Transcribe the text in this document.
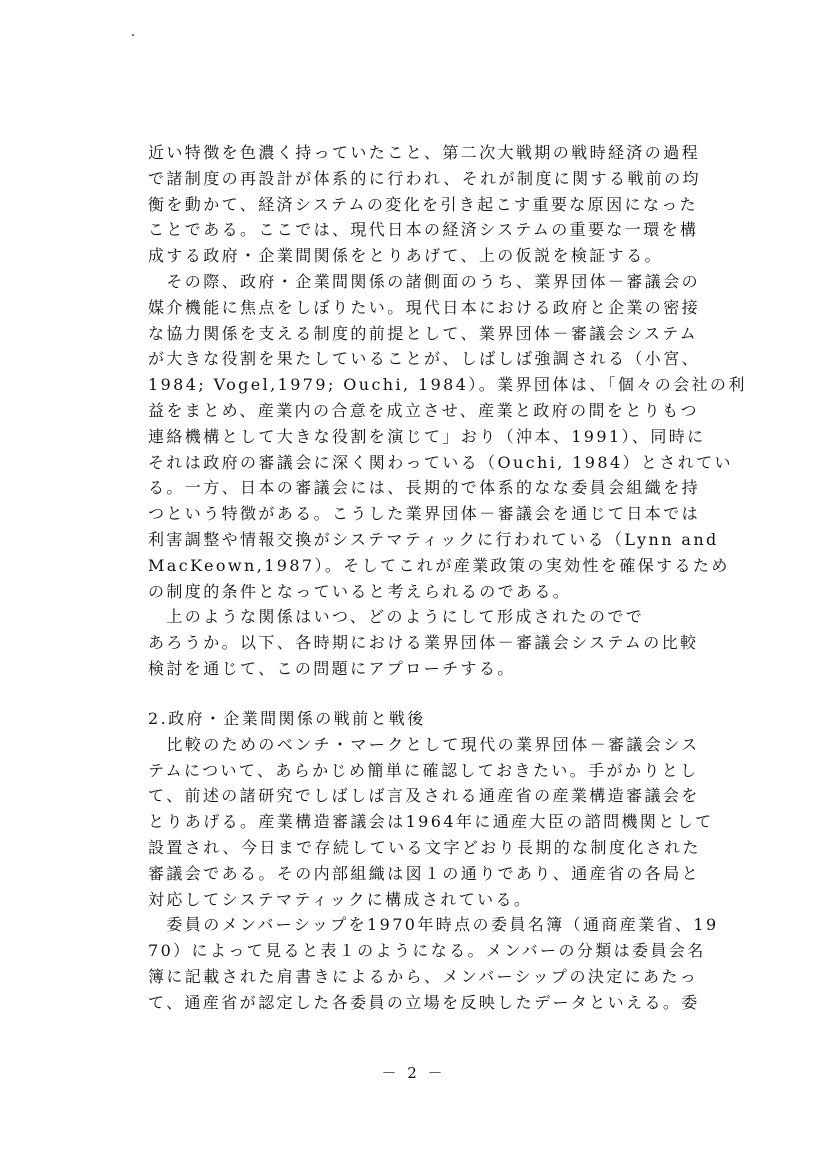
近い特徴を色濃く持っていたこと、第二次大戦期の戦時経済の過程
で諸制度の再設計が体系的に行われ、それが制度に関する戦前の均
衡を動かて、経済システムの変化を引き起こす重要な原因になった
ことである。ここでは、現代日本の経済システムの重要な一環を構
成する政府・企業間関係をとりあげて、上の仮説を検証する。
　その際、政府・企業間関係の諸側面のうち、業界団体－審議会の
媒介機能に焦点をしぼりたい。現代日本における政府と企業の密接
な協力関係を支える制度的前提として、業界団体－審議会システム
が大きな役割を果たしていることが、しばしば強調される（小宮、
1984; Vogel,1979; Ouchi, 1984）。業界団体は、「個々の会社の利
益をまとめ、産業内の合意を成立させ、産業と政府の間をとりもつ
連絡機構として大きな役割を演じて」おり（沖本、1991）、同時に
それは政府の審議会に深く関わっている（Ouchi, 1984）とされてい
る。一方、日本の審議会には、長期的で体系的なな委員会組織を持
つという特徴がある。こうした業界団体－審議会を通じて日本では
利害調整や情報交換がシステマティックに行われている（Lynn and
MacKeown,1987）。そしてこれが産業政策の実効性を確保するため
の制度的条件となっていると考えられるのである。
　上のような関係はいつ、どのようにして形成されたのでで
あろうか。以下、各時期における業界団体－審議会システムの比較
検討を通じて、この問題にアプローチする。
2.政府・企業間関係の戦前と戦後
　比較のためのベンチ・マークとして現代の業界団体－審議会シス
テムについて、あらかじめ簡単に確認しておきたい。手がかりとし
て、前述の諸研究でしばしば言及される通産省の産業構造審議会を
とりあげる。産業構造審議会は1964年に通産大臣の諮問機関として
設置され、今日まで存続している文字どおり長期的な制度化された
審議会である。その内部組織は図１の通りであり、通産省の各局と
対応してシステマティックに構成されている。
　委員のメンバーシップを1970年時点の委員名簿（通商産業省、19
70）によって見ると表１のようになる。メンバーの分類は委員会名
簿に記載された肩書きによるから、メンバーシップの決定にあたっ
て、通産省が認定した各委員の立場を反映したデータといえる。委
－ 2 －
